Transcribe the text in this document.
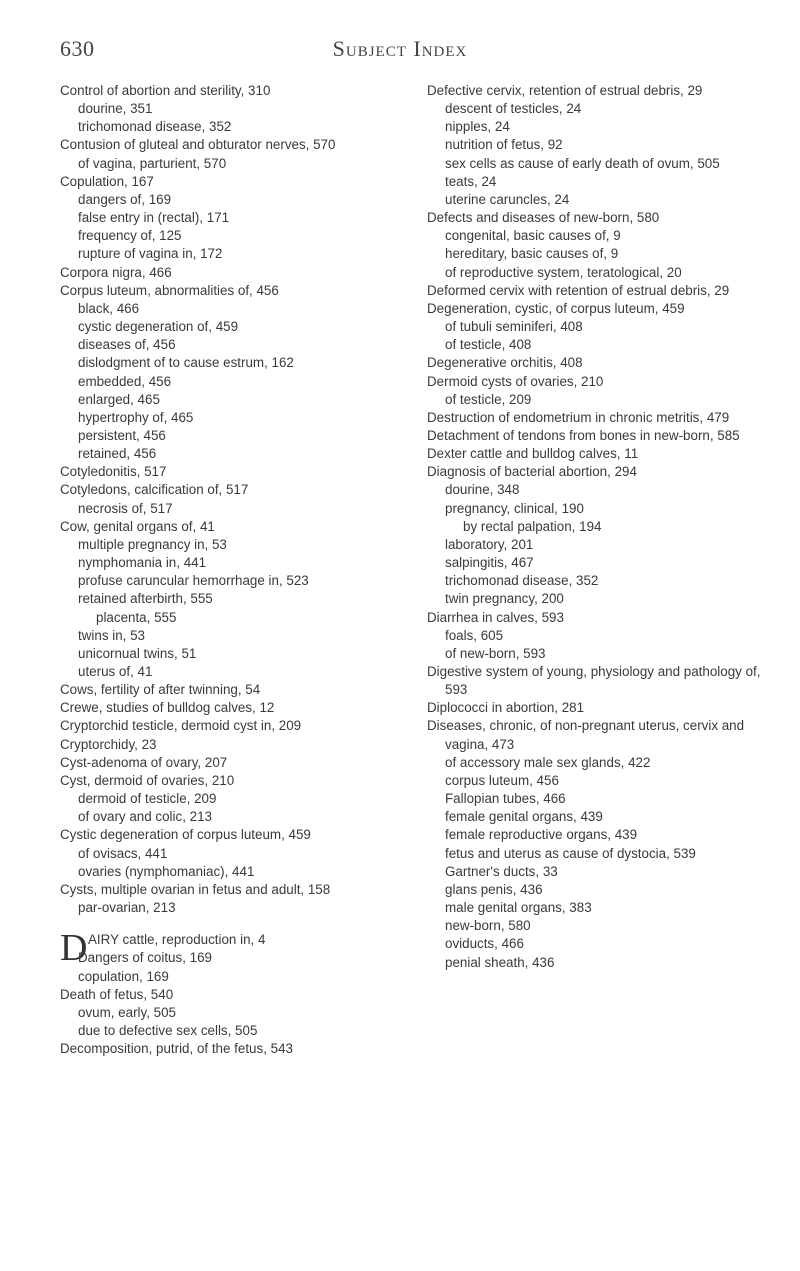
630	Subject Index

Control of abortion and sterility, 310

dourine, 351

trichomonad disease, 352

Contusion of gluteal and obturator nerves, 570

of vagina, parturient, 570

Copulation, 167

dangers of, 169

false entry in (rectal), 171

frequency of, 125

rupture of vagina in, 172

Corpora nigra, 466

Corpus luteum, abnormalities of, 456

black, 466

cystic degeneration of, 459

diseases of, 456

dislodgment of to cause estrum, 162

embedded, 456

enlarged, 465

hypertrophy of, 465

persistent, 456

retained, 456

Cotyledonitis, 517

Cotyledons, calcification of, 517

necrosis of, 517

Cow, genital organs of, 41

multiple pregnancy in, 53

nymphomania in, 441

profuse caruncular hemorrhage in, 523

retained afterbirth, 555

placenta, 555

twins in, 53

unicornual twins, 51

uterus of, 41

Cows, fertility of after twinning, 54

Crewe, studies of bulldog calves, 12

Cryptorchid testicle, dermoid cyst in, 209

Cryptorchidy, 23

Cyst-adenoma of ovary, 207

Cyst, dermoid of ovaries, 210

dermoid of testicle, 209

of ovary and colic, 213

Cystic degeneration of corpus luteum, 459

of ovisacs, 441

ovaries (nymphomaniac), 441

Cysts, multiple ovarian in fetus and adult, 158

par-ovarian, 213

D AIRY cattle, reproduction in, 4

Dangers of coitus, 169

copulation, 169

Death of fetus, 540

ovum, early, 505

due to defective sex cells, 505

Decomposition, putrid, of the fetus, 543

Defective cervix, retention of estrual debris, 29

descent of testicles, 24

nipples, 24

nutrition of fetus, 92

sex cells as cause of early death of ovum, 505

teats, 24

uterine caruncles, 24

Defects and diseases of new-born, 580

congenital, basic causes of, 9

hereditary, basic causes of, 9

of reproductive system, teratological, 20

Deformed cervix with retention of estrual debris, 29

Degeneration, cystic, of corpus luteum, 459

of tubuli seminiferi, 408

of testicle, 408

Degenerative orchitis, 408

Dermoid cysts of ovaries, 210

of testicle, 209

Destruction of endometrium in chronic metritis, 479

Detachment of tendons from bones in new-born, 585

Dexter cattle and bulldog calves, 11

Diagnosis of bacterial abortion, 294

dourine, 348

pregnancy, clinical, 190

by rectal palpation, 194

laboratory, 201

salpingitis, 467

trichomonad disease, 352

twin pregnancy, 200

Diarrhea in calves, 593

foals, 605

of new-born, 593

Digestive system of young, physiology and pathology of, 593

Diplococci in abortion, 281

Diseases, chronic, of non-pregnant uterus, cervix and vagina, 473

of accessory male sex glands, 422

corpus luteum, 456

Fallopian tubes, 466

female genital organs, 439

female reproductive organs, 439

fetus and uterus as cause of dystocia, 539

Gartner's ducts, 33

glans penis, 436

male genital organs, 383

new-born, 580

oviducts, 466

penial sheath, 436
